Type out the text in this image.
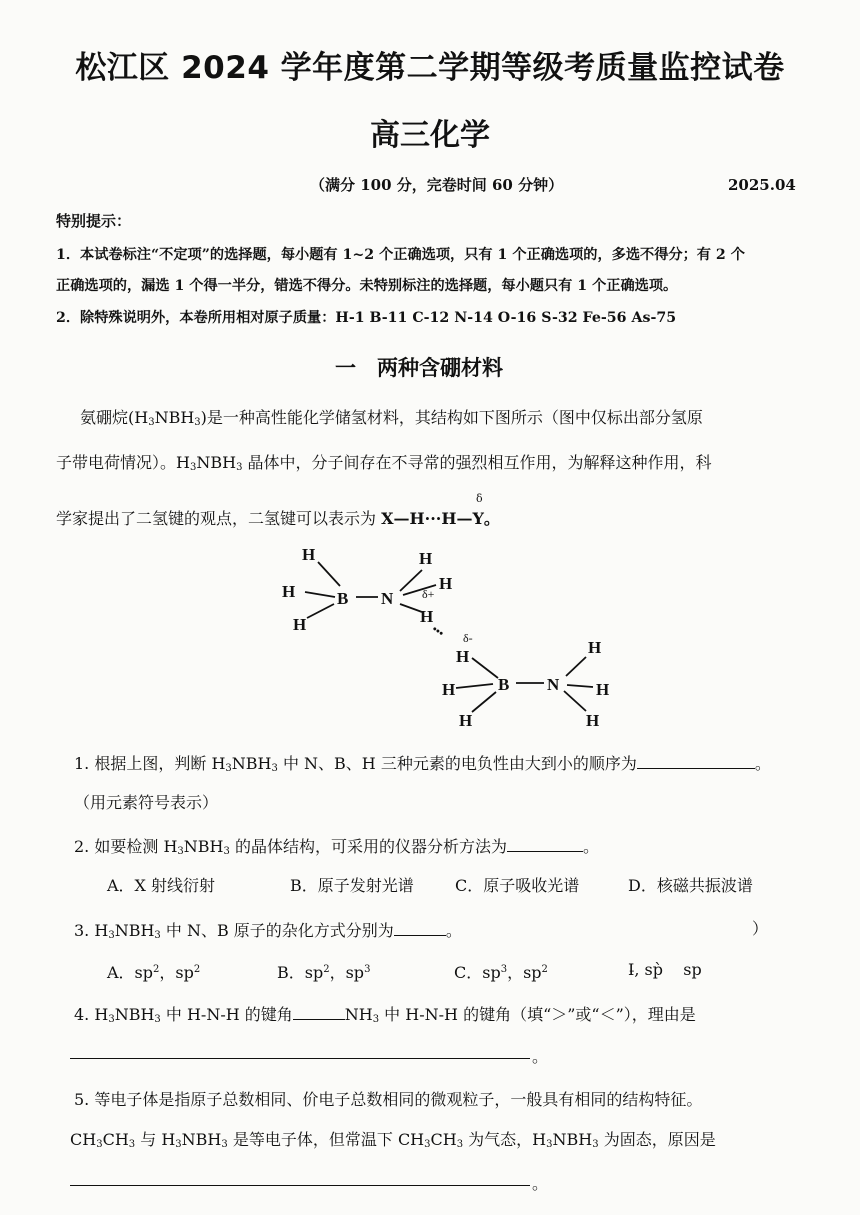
松江区 2024 学年度第二学期等级考质量监控试卷
高三化学
（满分 100 分，完卷时间 60 分钟）	2025.04
特别提示：
1．本试卷标注“不定项”的选择题，每小题有 1~2 个正确选项，只有 1 个正确选项的，多选不得分；有 2 个
正确选项的，漏选 1 个得一半分，错选不得分。未特别标注的选择题，每小题只有 1 个正确选项。
2．除特殊说明外，本卷所用相对原子质量：H-1 B-11 C-12 N-14 O-16 S-32 Fe-56 As-75
一　两种含硼材料
氨硼烷$(H_3NBH_3)$是一种高性能化学储氢材料，其结构如下图所示（图中仅标出部分氢原
子带电荷情况）。$H_3NBH_3$ 晶体中，分子间存在不寻常的强烈相互作用，为解释这种作用，科
学家提出了二氢键的观点，二氢键可以表示为 X—H···H—Y。
δ
H
H
H
B N
H
H
H
H
H
H
B N
H
H
H
δ+
δ-
•••
1. 根据上图，判断 $H_3NBH_3$ 中 N、B、H 三种元素的电负性由大到小的顺序为	。
（用元素符号表示）
2. 如要检测 $H_3NBH_3$ 的晶体结构，可采用的仪器分析方法为	。
A．X 射线衍射	B．原子发射光谱	C．原子吸收光谱	D．核磁共振波谱
3. $H_3NBH_3$ 中 N、B 原子的杂化方式分别为	。	）
A．$sp^2$，$sp^2$	B．$sp^2$，$sp^3$	C．$sp^3$，$sp^2$	I̵, sp̀ sp
4. $H_3NBH_3$ 中 H-N-H 的键角	$NH_3$ 中 H-N-H 的键角（填“＞”或“＜”），理由是
。
5. 等电子体是指原子总数相同、价电子总数相同的微观粒子，一般具有相同的结构特征。
$CH_3CH_3$ 与 $H_3NBH_3$ 是等电子体，但常温下 $CH_3CH_3$ 为气态，$H_3NBH_3$ 为固态，原因是
。
